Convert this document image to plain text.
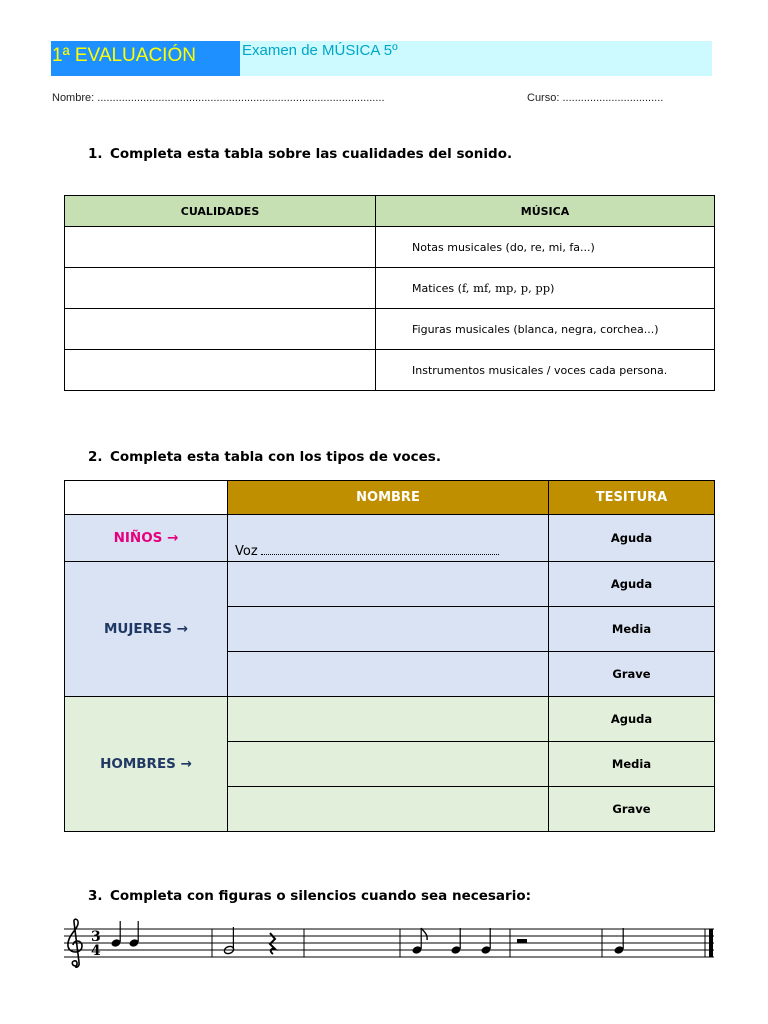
1ª EVALUACIÓN	Examen de MÚSICA 5º
Nombre: ..............................................................................................	Curso: .................................
1. Completa esta tabla sobre las cualidades del sonido.
CUALIDADES	MÚSICA
	Notas musicales (do, re, mi, fa...)
	Matices (f, mf, mp, p, pp)
	Figuras musicales (blanca, negra, corchea...)
	Instrumentos musicales / voces cada persona.
2. Completa esta tabla con los tipos de voces.
	NOMBRE	TESITURA
NIÑOS →	Voz	Aguda
MUJERES →		Aguda
		Media
		Grave
HOMBRES →		Aguda
		Media
		Grave
3. Completa con figuras o silencios cuando sea necesario:
3
4
